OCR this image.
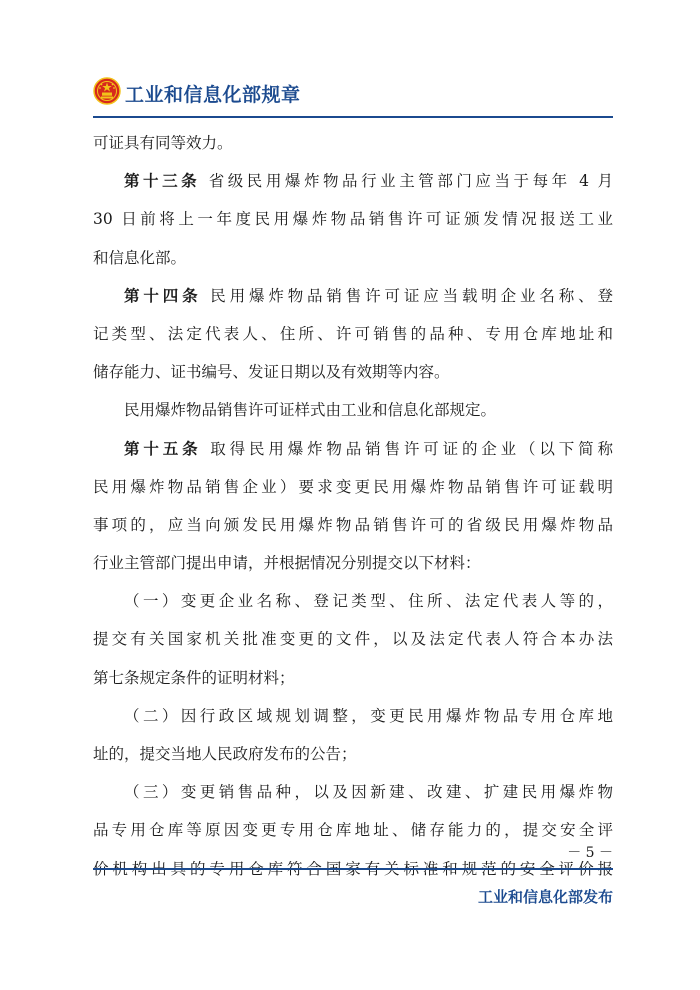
工业和信息化部规章
可证具有同等效力。
第十三条 省级民用爆炸物品行业主管部门应当于每年 4 月
30 日前将上一年度民用爆炸物品销售许可证颁发情况报送工业
和信息化部。
第十四条 民用爆炸物品销售许可证应当载明企业名称、登
记类型、法定代表人、住所、许可销售的品种、专用仓库地址和
储存能力、证书编号、发证日期以及有效期等内容。
民用爆炸物品销售许可证样式由工业和信息化部规定。
第十五条 取得民用爆炸物品销售许可证的企业（以下简称
民用爆炸物品销售企业）要求变更民用爆炸物品销售许可证载明
事项的，应当向颁发民用爆炸物品销售许可的省级民用爆炸物品
行业主管部门提出申请，并根据情况分别提交以下材料：
（一）变更企业名称、登记类型、住所、法定代表人等的，
提交有关国家机关批准变更的文件，以及法定代表人符合本办法
第七条规定条件的证明材料；
（二）因行政区域规划调整，变更民用爆炸物品专用仓库地
址的，提交当地人民政府发布的公告；
（三）变更销售品种，以及因新建、改建、扩建民用爆炸物
品专用仓库等原因变更专用仓库地址、储存能力的，提交安全评
价机构出具的专用仓库符合国家有关标准和规范的安全评价报
－ 5 －
工业和信息化部发布
